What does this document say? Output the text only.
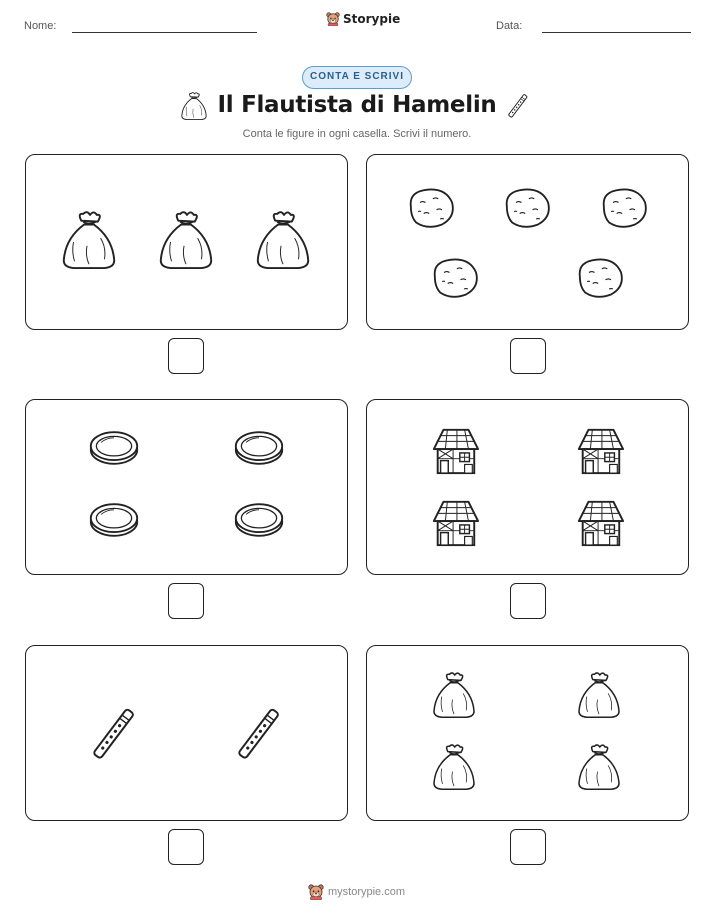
Nome:	Storypie	Data:
CONTA E SCRIVI
Il Flautista di Hamelin
Conta le figure in ogni casella. Scrivi il numero.
mystorypie.com
